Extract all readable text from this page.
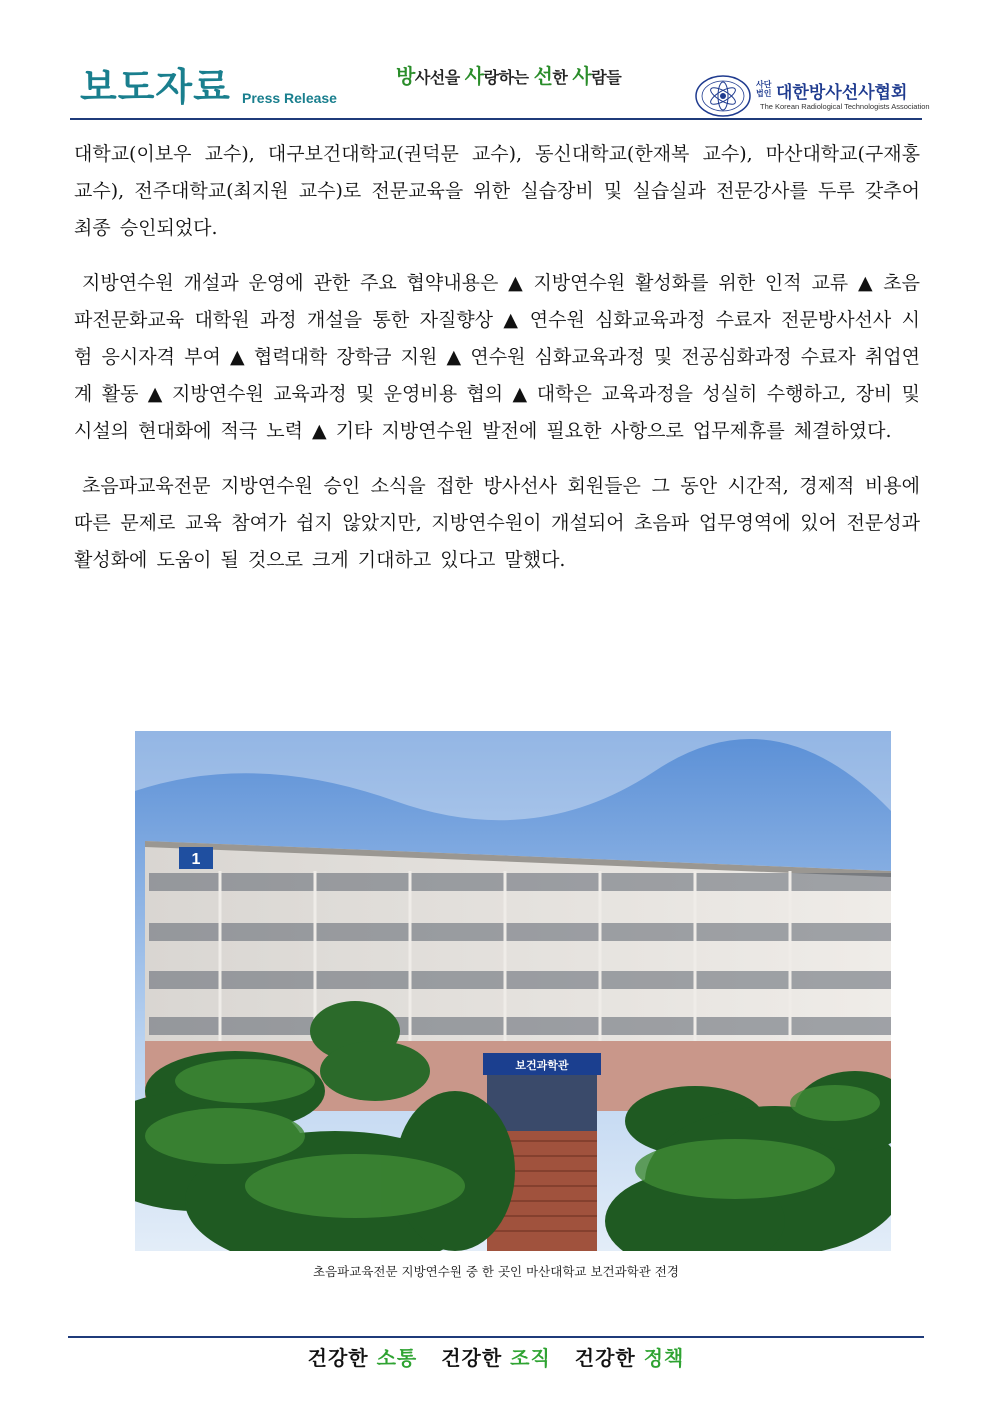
보도자료 Press Release
방사선을 사랑하는 선한 사람들	사단법인 대한방사선사협회
The Korean Radiological Technologists Association

대학교(이보우 교수), 대구보건대학교(권덕문 교수), 동신대학교(한재복 교수), 마산대학교(구재홍 교수), 전주대학교(최지원 교수)로 전문교육을 위한 실습장비 및 실습실과 전문강사를 두루 갖추어 최종 승인되었다.

지방연수원 개설과 운영에 관한 주요 협약내용은 ▲ 지방연수원 활성화를 위한 인적 교류 ▲ 초음파전문화교육 대학원 과정 개설을 통한 자질향상 ▲ 연수원 심화교육과정 수료자 전문방사선사 시험 응시자격 부여 ▲ 협력대학 장학금 지원 ▲ 연수원 심화교육과정 및 전공심화과정 수료자 취업연계 활동 ▲ 지방연수원 교육과정 및 운영비용 협의 ▲ 대학은 교육과정을 성실히 수행하고, 장비 및 시설의 현대화에 적극 노력 ▲ 기타 지방연수원 발전에 필요한 사항으로 업무제휴를 체결하였다.

초음파교육전문 지방연수원 승인 소식을 접한 방사선사 회원들은 그 동안 시간적, 경제적 비용에 따른 문제로 교육 참여가 쉽지 않았지만, 지방연수원이 개설되어 초음파 업무영역에 있어 전문성과 활성화에 도움이 될 것으로 크게 기대하고 있다고 말했다.

1
보건과학관
초음파교육전문 지방연수원 중 한 곳인 마산대학교 보건과학관 전경
건강한 소통 건강한 조직 건강한 정책
